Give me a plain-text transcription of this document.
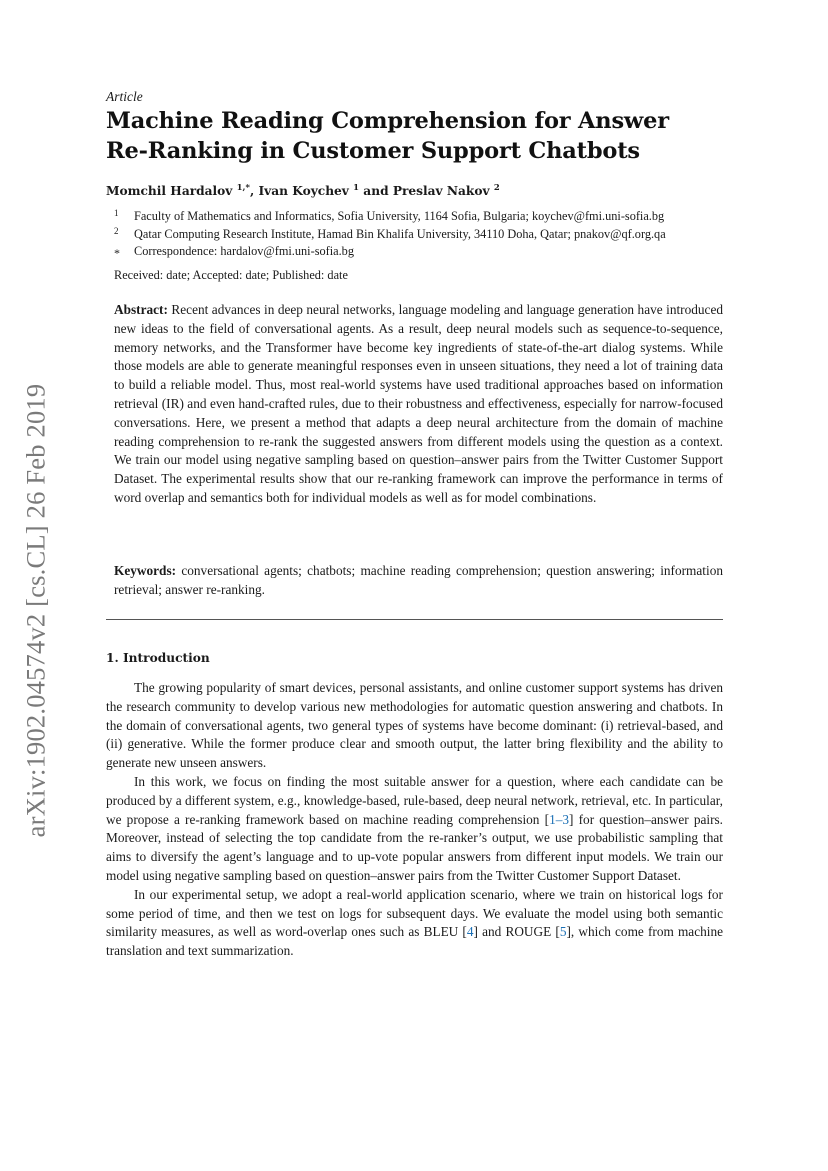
arXiv:1902.04574v2 [cs.CL] 26 Feb 2019
Article
Machine Reading Comprehension for Answer
Re-Ranking in Customer Support Chatbots
Momchil Hardalov $^{1,*}$, Ivan Koychev $^1$ and Preslav Nakov $^2$
1	Faculty of Mathematics and Informatics, Sofia University, 1164 Sofia, Bulgaria; koychev@fmi.uni-sofia.bg
2	Qatar Computing Research Institute, Hamad Bin Khalifa University, 34110 Doha, Qatar; pnakov@qf.org.qa
*	Correspondence: hardalov@fmi.uni-sofia.bg
Received: date; Accepted: date; Published: date

Abstract: Recent advances in deep neural networks, language modeling and language generation have introduced new ideas to the field of conversational agents. As a result, deep neural models such as sequence-to-sequence, memory networks, and the Transformer have become key ingredients of state-of-the-art dialog systems. While those models are able to generate meaningful responses even in unseen situations, they need a lot of training data to build a reliable model. Thus, most real-world systems have used traditional approaches based on information retrieval (IR) and even hand-crafted rules, due to their robustness and effectiveness, especially for narrow-focused conversations. Here, we present a method that adapts a deep neural architecture from the domain of machine reading comprehension to re-rank the suggested answers from different models using the question as a context. We train our model using negative sampling based on question–answer pairs from the Twitter Customer Support Dataset. The experimental results show that our re-ranking framework can improve the performance in terms of word overlap and semantics both for individual models as well as for model combinations.

Keywords: conversational agents; chatbots; machine reading comprehension; question answering; information retrieval; answer re-ranking.

1. Introduction

The growing popularity of smart devices, personal assistants, and online customer support systems has driven the research community to develop various new methodologies for automatic question answering and chatbots. In the domain of conversational agents, two general types of systems have become dominant: (i) retrieval-based, and (ii) generative. While the former produce clear and smooth output, the latter bring flexibility and the ability to generate new unseen answers.

In this work, we focus on finding the most suitable answer for a question, where each candidate can be produced by a different system, e.g., knowledge-based, rule-based, deep neural network, retrieval, etc. In particular, we propose a re-ranking framework based on machine reading comprehension [1–3] for question–answer pairs. Moreover, instead of selecting the top candidate from the re-ranker’s output, we use probabilistic sampling that aims to diversify the agent’s language and to up-vote popular answers from different input models. We train our model using negative sampling based on question–answer pairs from the Twitter Customer Support Dataset.

In our experimental setup, we adopt a real-world application scenario, where we train on historical logs for some period of time, and then we test on logs for subsequent days. We evaluate the model using both semantic similarity measures, as well as word-overlap ones such as BLEU [4] and ROUGE [5], which come from machine translation and text summarization.
